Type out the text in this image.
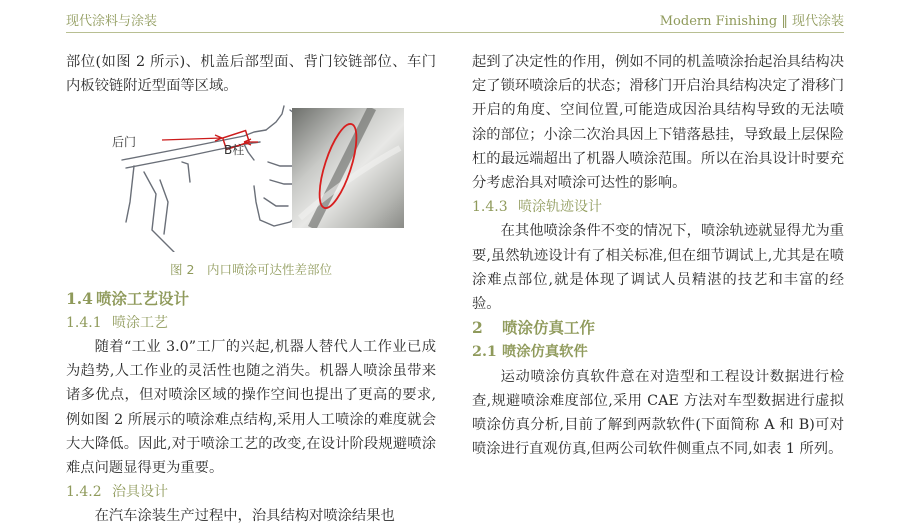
现代涂料与涂装	Modern Finishing ‖ 现代涂装

部位(如图 2 所示)、机盖后部型面、背门铰链部位、车门内板铰链附近型面等区域。

后门
B柱
图 2　内口喷涂可达性差部位

1.4 喷涂工艺设计

1.4.1 喷涂工艺

随着“工业 3.0”工厂的兴起,机器人替代人工作业已成为趋势,人工作业的灵活性也随之消失。机器人喷涂虽带来诸多优点，但对喷涂区域的操作空间也提出了更高的要求,例如图 2 所展示的喷涂难点结构,采用人工喷涂的难度就会大大降低。因此,对于喷涂工艺的改变,在设计阶段规避喷涂难点问题显得更为重要。

1.4.2 治具设计

在汽车涂装生产过程中，治具结构对喷涂结果也

起到了决定性的作用，例如不同的机盖喷涂抬起治具结构决定了锁环喷涂后的状态；滑移门开启治具结构决定了滑移门开启的角度、空间位置,可能造成因治具结构导致的无法喷涂的部位；小涂二次治具因上下错落悬挂，导致最上层保险杠的最远端超出了机器人喷涂范围。所以在治具设计时要充分考虑治具对喷涂可达性的影响。

1.4.3 喷涂轨迹设计

在其他喷涂条件不变的情况下，喷涂轨迹就显得尤为重要,虽然轨迹设计有了相关标准,但在细节调试上,尤其是在喷涂难点部位,就是体现了调试人员精湛的技艺和丰富的经验。

2 喷涂仿真工作

2.1 喷涂仿真软件

运动喷涂仿真软件意在对造型和工程设计数据进行检查,规避喷涂难度部位,采用 CAE 方法对车型数据进行虚拟喷涂仿真分析,目前了解到两款软件(下面简称 A 和 B)可对喷涂进行直观仿真,但两公司软件侧重点不同,如表 1 所列。
